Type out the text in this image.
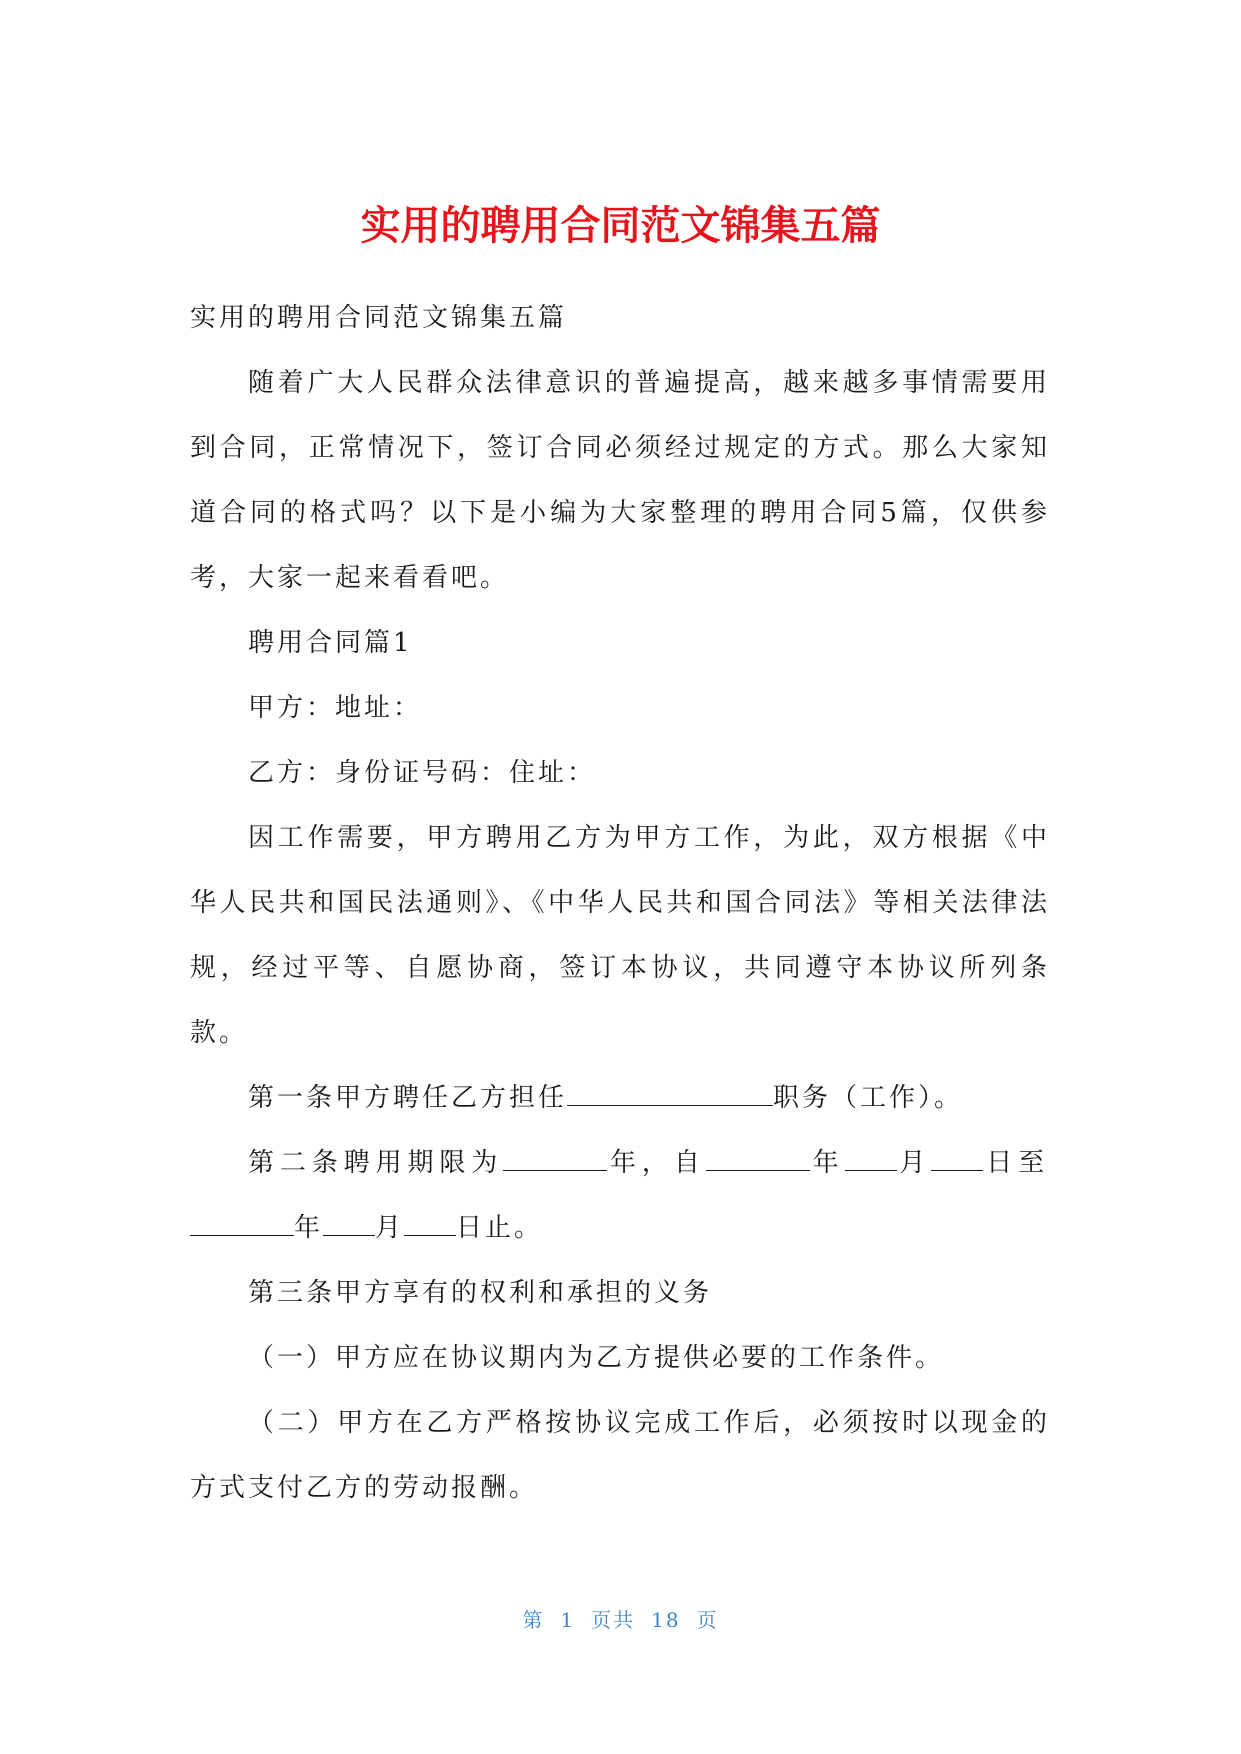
实用的聘用合同范文锦集五篇

实用的聘用合同范文锦集五篇

随着广大人民群众法律意识的普遍提高，越来越多事情需要用到合同，正常情况下，签订合同必须经过规定的方式。那么大家知道合同的格式吗？以下是小编为大家整理的聘用合同5篇，仅供参考，大家一起来看看吧。

聘用合同篇1

甲方：地址：

乙方：身份证号码：住址：

因工作需要，甲方聘用乙方为甲方工作，为此，双方根据《中华人民共和国民法通则》、《中华人民共和国合同法》等相关法律法规，经过平等、自愿协商，签订本协议，共同遵守本协议所列条款。

第一条甲方聘任乙方担任	职务（工作）。

第二条聘用期限为	年，自	年 月 日至年 月 日止。

第三条甲方享有的权利和承担的义务

（一）甲方应在协议期内为乙方提供必要的工作条件。

（二）甲方在乙方严格按协议完成工作后，必须按时以现金的方式支付乙方的劳动报酬。

第 1 页共 18 页
